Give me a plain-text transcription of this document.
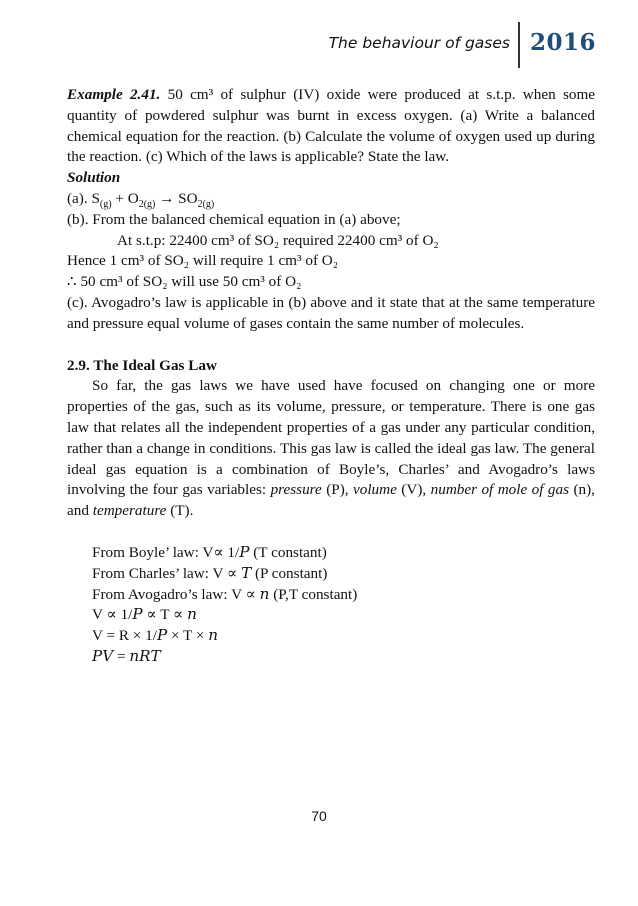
The behaviour of gases 2016

Example 2.41. 50 cm³ of sulphur (IV) oxide were produced at s.t.p. when some quantity of powdered sulphur was burnt in excess oxygen. (a) Write a balanced chemical equation for the reaction. (b) Calculate the volume of oxygen used up during the reaction. (c) Which of the laws is applicable? State the law.

Solution

(a). $S_{(g)} + O_{2(g)} \to SO_{2(g)}$

(b). From the balanced chemical equation in (a) above;

At s.t.p: 22400 cm³ of SO₂ required 22400 cm³ of O₂

Hence 1 cm³ of SO₂ will require 1 cm³ of O₂

∴ 50 cm³ of SO₂ will use 50 cm³ of O₂

(c). Avogadro’s law is applicable in (b) above and it state that at the same temperature and pressure equal volume of gases contain the same number of molecules.

2.9. The Ideal Gas Law

So far, the gas laws we have used have focused on changing one or more properties of the gas, such as its volume, pressure, or temperature. There is one gas law that relates all the independent properties of a gas under any particular condition, rather than a change in conditions. This gas law is called the ideal gas law. The general ideal gas equation is a combination of Boyle’s, Charles’ and Avogadro’s laws involving the four gas variables: pressure (P), volume (V), number of mole of gas (n), and temperature (T).

From Boyle’ law: V∝ 1/𝑃 (T constant)

From Charles’ law: V ∝ 𝑇 (P constant)

From Avogadro’s law: V ∝ 𝑛 (P,T constant)

V ∝ 1/𝑃 ∝ T ∝ 𝑛

V = R × 1/𝑃 × T × 𝑛

𝑃𝑉 = 𝑛𝑅𝑇

70
